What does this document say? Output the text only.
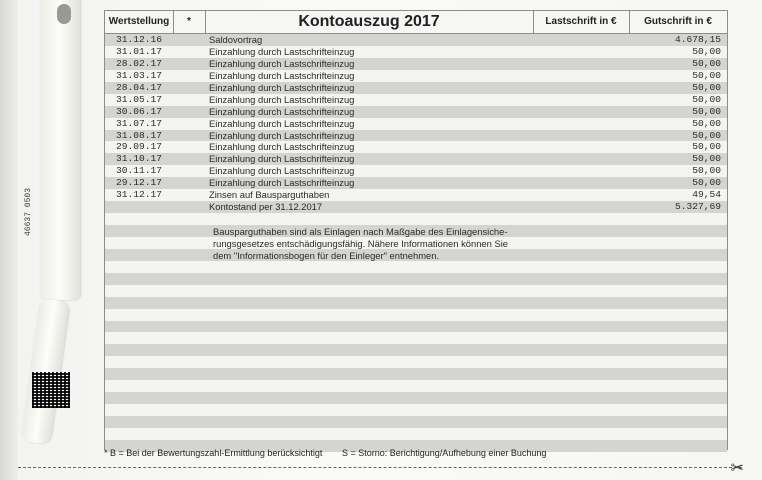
46637 0503
Wertstellung	*	Kontoauszug 2017	Lastschrift in €	Gutschrift in €
31.12.16	Saldovortrag	4.678,15
31.01.17	Einzahlung durch Lastschrifteinzug	50,00
28.02.17	Einzahlung durch Lastschrifteinzug	50,00
31.03.17	Einzahlung durch Lastschrifteinzug	50,00
28.04.17	Einzahlung durch Lastschrifteinzug	50,00
31.05.17	Einzahlung durch Lastschrifteinzug	50,00
30.06.17	Einzahlung durch Lastschrifteinzug	50,00
31.07.17	Einzahlung durch Lastschrifteinzug	50,00
31.08.17	Einzahlung durch Lastschrifteinzug	50,00
29.09.17	Einzahlung durch Lastschrifteinzug	50,00
31.10.17	Einzahlung durch Lastschrifteinzug	50,00
30.11.17	Einzahlung durch Lastschrifteinzug	50,00
29.12.17	Einzahlung durch Lastschrifteinzug	50,00
31.12.17	Zinsen auf Bausparguthaben	49,54
Kontostand per 31.12.2017	5.327,69
Bausparguthaben sind als Einlagen nach Maßgabe des Einlagensiche-
rungsgesetzes entschädigungsfähig. Nähere Informationen können Sie
dem "Informationsbogen für den Einleger" entnehmen.
* B = Bei der Bewertungszahl-Ermittlung berücksichtigt S = Storno: Berichtigung/Aufhebung einer Buchung
✂
